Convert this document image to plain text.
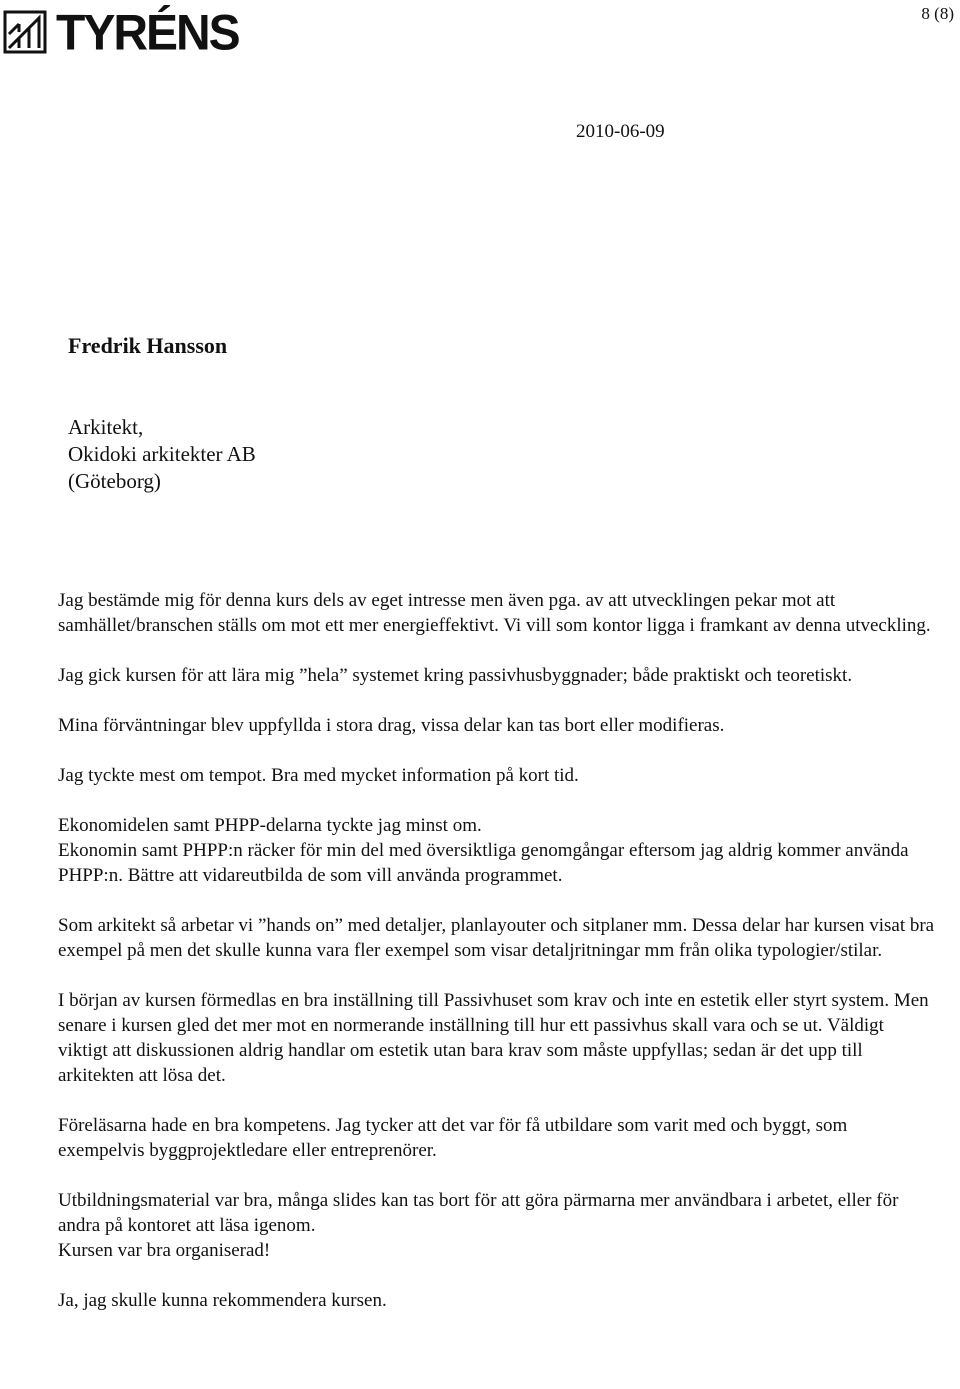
TYRÉNS	8 (8)
2010-06-09
Fredrik Hansson
Arkitekt,
Okidoki arkitekter AB
(Göteborg)

Jag bestämde mig för denna kurs dels av eget intresse men även pga. av att utvecklingen pekar mot att samhället/branschen ställs om mot ett mer energieffektivt. Vi vill som kontor ligga i framkant av denna utveckling.

Jag gick kursen för att lära mig ”hela” systemet kring passivhusbyggnader; både praktiskt och teoretiskt.

Mina förväntningar blev uppfyllda i stora drag, vissa delar kan tas bort eller modifieras.

Jag tyckte mest om tempot. Bra med mycket information på kort tid.

Ekonomidelen samt PHPP-delarna tyckte jag minst om.

Ekonomin samt PHPP:n räcker för min del med översiktliga genomgångar eftersom jag aldrig kommer använda PHPP:n. Bättre att vidareutbilda de som vill använda programmet.

Som arkitekt så arbetar vi ”hands on” med detaljer, planlayouter och sitplaner mm. Dessa delar har kursen visat bra exempel på men det skulle kunna vara fler exempel som visar detaljritningar mm från olika typologier/stilar.

I början av kursen förmedlas en bra inställning till Passivhuset som krav och inte en estetik eller styrt system. Men senare i kursen gled det mer mot en normerande inställning till hur ett passivhus skall vara och se ut. Väldigt viktigt att diskussionen aldrig handlar om estetik utan bara krav som måste uppfyllas; sedan är det upp till arkitekten att lösa det.

Föreläsarna hade en bra kompetens. Jag tycker att det var för få utbildare som varit med och byggt, som exempelvis byggprojektledare eller entreprenörer.

Utbildningsmaterial var bra, många slides kan tas bort för att göra pärmarna mer användbara i arbetet, eller för andra på kontoret att läsa igenom.

Kursen var bra organiserad!

Ja, jag skulle kunna rekommendera kursen.
